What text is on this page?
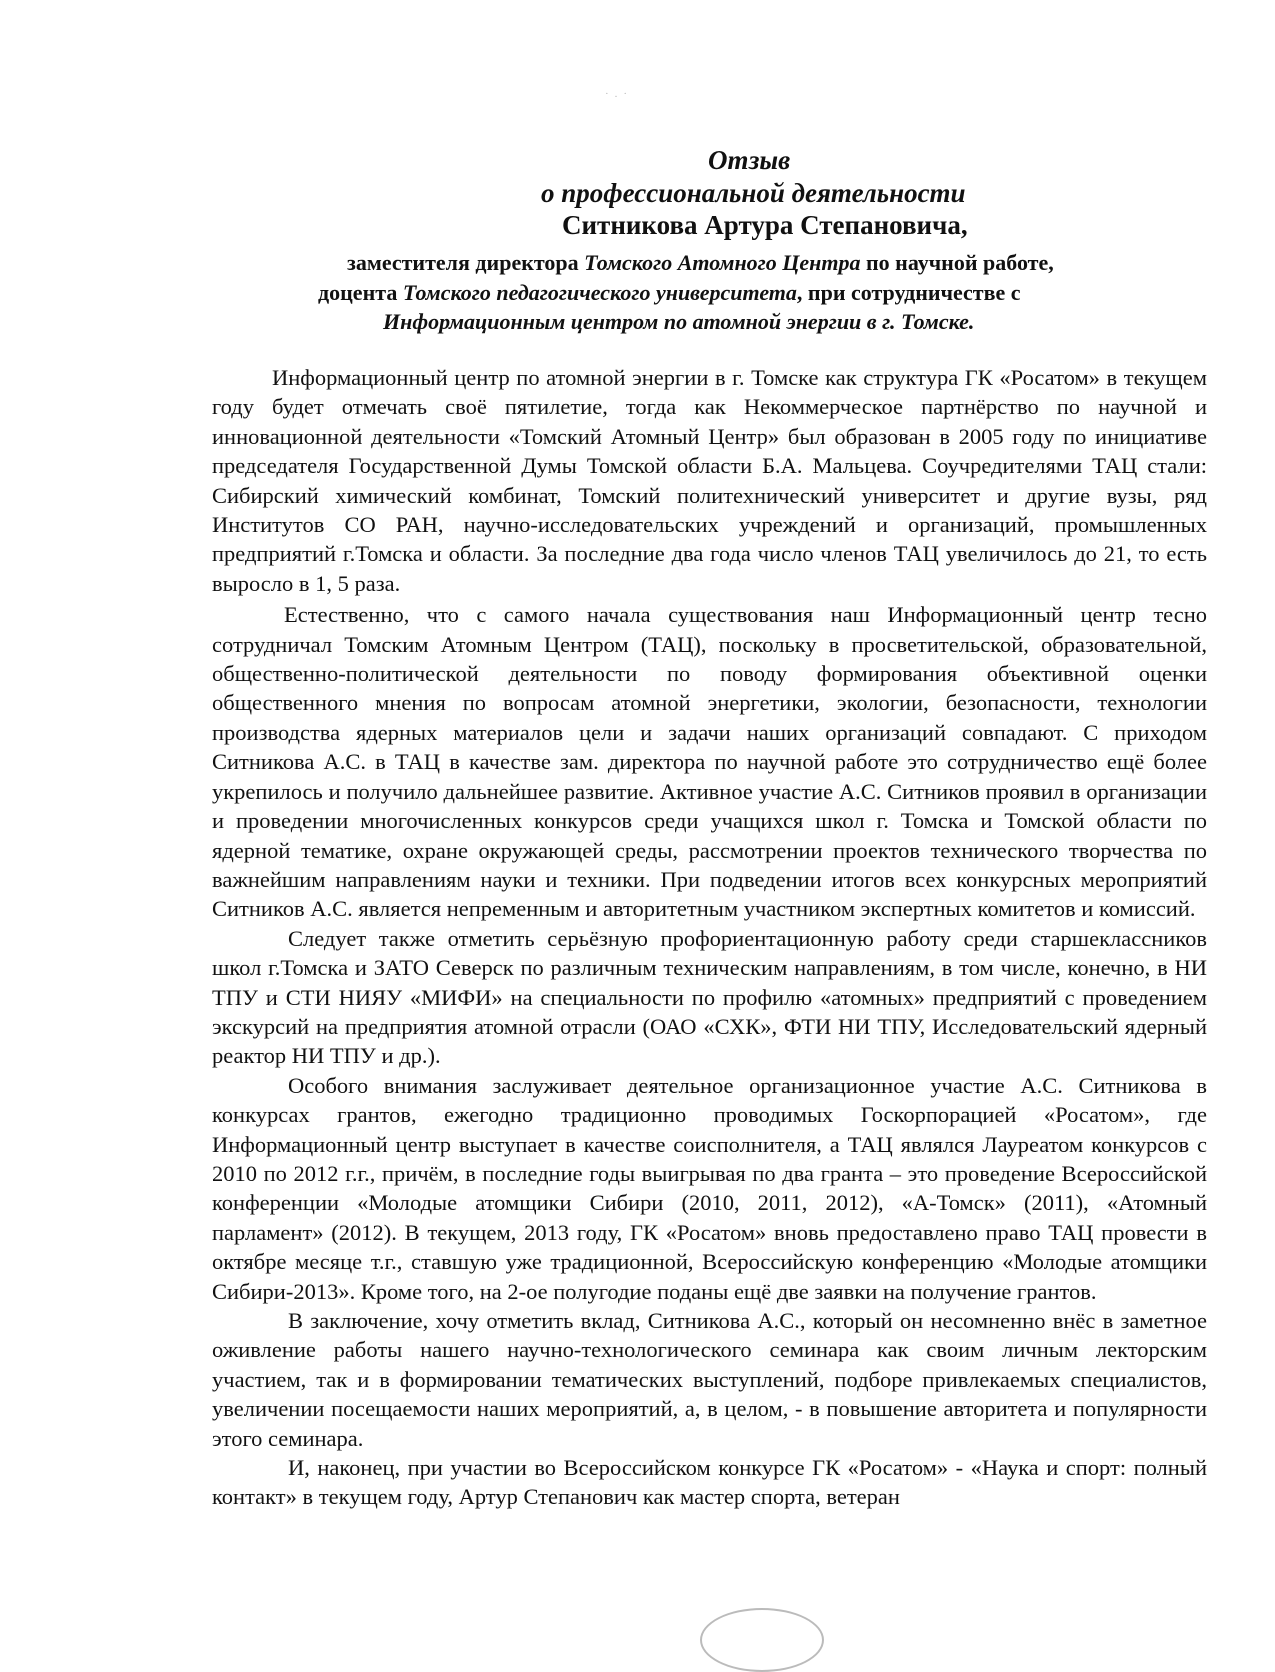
·.·
Отзыв
о профессиональной деятельности
Ситникова Артура Степановича,
заместителя директора Томского Атомного Центра по научной работе,
доцента Томского педагогического университета, при сотрудничестве с
Информационным центром по атомной энергии в г. Томске.

Информационный центр по атомной энергии в г. Томске как структура ГК «Росатом» в текущем году будет отмечать своё пятилетие, тогда как Некоммерческое партнёрство по научной и инновационной деятельности «Томский Атомный Центр» был образован в 2005 году по инициативе председателя Государственной Думы Томской области Б.А. Мальцева. Соучредителями ТАЦ стали: Сибирский химический комбинат, Томский политехнический университет и другие вузы, ряд Институтов СО РАН, научно-исследовательских учреждений и организаций, промышленных предприятий г.Томска и области. За последние два года число членов ТАЦ увеличилось до 21, то есть выросло в 1, 5 раза.

Естественно, что с самого начала существования наш Информационный центр тесно сотрудничал Томским Атомным Центром (ТАЦ), поскольку в просветительской, образовательной, общественно-политической деятельности по поводу формирования объективной оценки общественного мнения по вопросам атомной энергетики, экологии, безопасности, технологии производства ядерных материалов цели и задачи наших организаций совпадают. С приходом Ситникова А.С. в ТАЦ в качестве зам. директора по научной работе это сотрудничество ещё более укрепилось и получило дальнейшее развитие. Активное участие А.С. Ситников проявил в организации и проведении многочисленных конкурсов среди учащихся школ г. Томска и Томской области по ядерной тематике, охране окружающей среды, рассмотрении проектов технического творчества по важнейшим направлениям науки и техники. При подведении итогов всех конкурсных мероприятий Ситников А.С. является непременным и авторитетным участником экспертных комитетов и комиссий.

Следует также отметить серьёзную профориентационную работу среди старшеклассников школ г.Томска и ЗАТО Северск по различным техническим направлениям, в том числе, конечно, в НИ ТПУ и СТИ НИЯУ «МИФИ» на специальности по профилю «атомных» предприятий с проведением экскурсий на предприятия атомной отрасли (ОАО «СХК», ФТИ НИ ТПУ, Исследовательский ядерный реактор НИ ТПУ и др.).

Особого внимания заслуживает деятельное организационное участие А.С. Ситникова в конкурсах грантов, ежегодно традиционно проводимых Госкорпорацией «Росатом», где Информационный центр выступает в качестве соисполнителя, а ТАЦ являлся Лауреатом конкурсов с 2010 по 2012 г.г., причём, в последние годы выигрывая по два гранта – это проведение Всероссийской конференции «Молодые атомщики Сибири (2010, 2011, 2012), «А-Томск» (2011), «Атомный парламент» (2012). В текущем, 2013 году, ГК «Росатом» вновь предоставлено право ТАЦ провести в октябре месяце т.г., ставшую уже традиционной, Всероссийскую конференцию «Молодые атомщики Сибири-2013». Кроме того, на 2-ое полугодие поданы ещё две заявки на получение грантов.

В заключение, хочу отметить вклад, Ситникова А.С., который он несомненно внёс в заметное оживление работы нашего научно-технологического семинара как своим личным лекторским участием, так и в формировании тематических выступлений, подборе привлекаемых специалистов, увеличении посещаемости наших мероприятий, а, в целом, - в повышение авторитета и популярности этого семинара.

И, наконец, при участии во Всероссийском конкурсе ГК «Росатом» - «Наука и спорт: полный контакт» в текущем году, Артур Степанович как мастер спорта, ветеран
